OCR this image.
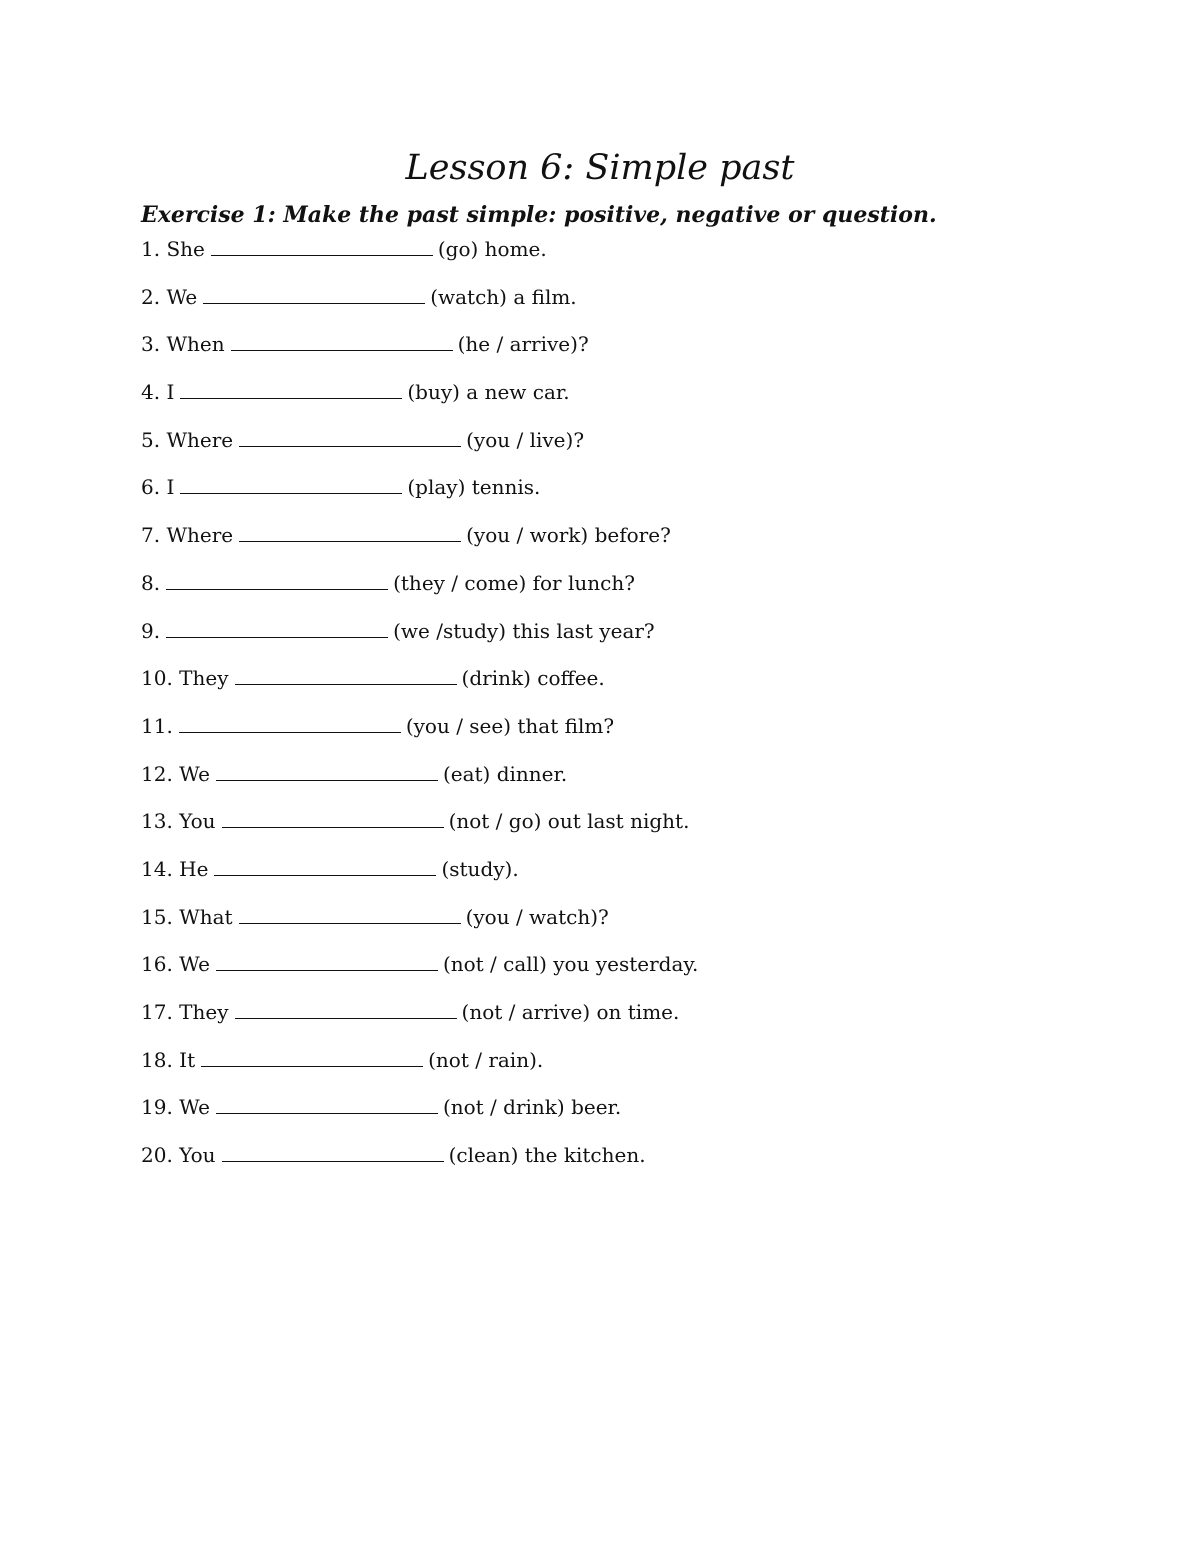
Lesson 6: Simple past
Exercise 1: Make the past simple: positive, negative or question.
1. She	(go) home.
2. We	(watch) a film.
3. When	(he / arrive)?
4. I	(buy) a new car.
5. Where	(you / live)?
6. I	(play) tennis.
7. Where	(you / work) before?
8.	(they / come) for lunch?
9.	(we /study) this last year?
10. They	(drink) coffee.
11.	(you / see) that film?
12. We	(eat) dinner.
13. You	(not / go) out last night.
14. He	(study).
15. What	(you / watch)?
16. We	(not / call) you yesterday.
17. They	(not / arrive) on time.
18. It	(not / rain).
19. We	(not / drink) beer.
20. You	(clean) the kitchen.
